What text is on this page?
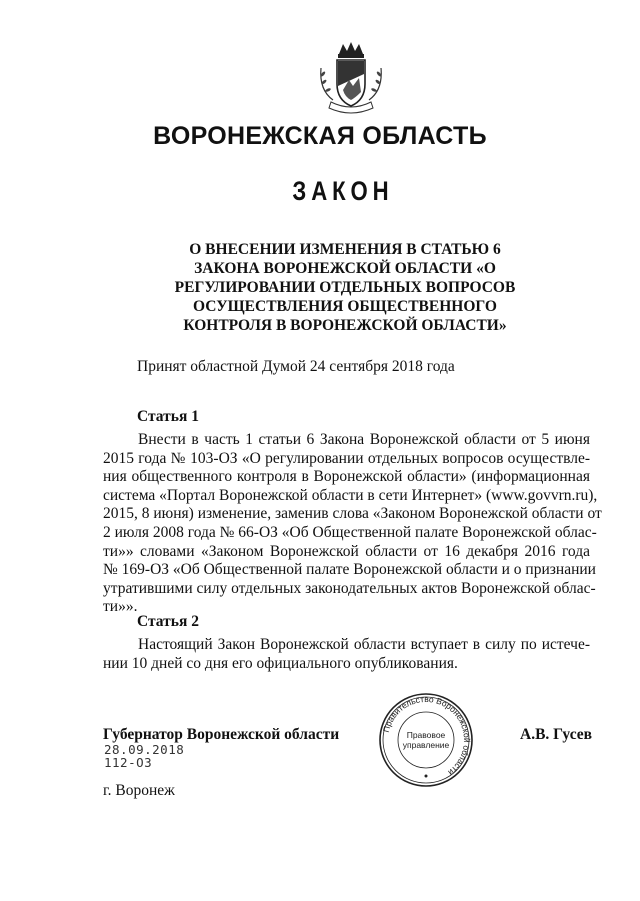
ВОРОНЕЖСКАЯ ОБЛАСТЬ
ЗАКОН
О ВНЕСЕНИИ ИЗМЕНЕНИЯ В СТАТЬЮ 6
ЗАКОНА ВОРОНЕЖСКОЙ ОБЛАСТИ «О
РЕГУЛИРОВАНИИ ОТДЕЛЬНЫХ ВОПРОСОВ
ОСУЩЕСТВЛЕНИЯ ОБЩЕСТВЕННОГО
КОНТРОЛЯ В ВОРОНЕЖСКОЙ ОБЛАСТИ»
Принят областной Думой 24 сентября 2018 года
Статья 1
Внести в часть 1 статьи 6 Закона Воронежской области от 5 июня
2015 года № 103-ОЗ «О регулировании отдельных вопросов осуществле-
ния общественного контроля в Воронежской области» (информационная
система «Портал Воронежской области в сети Интернет» (www.govvrn.ru),
2015, 8 июня) изменение, заменив слова «Законом Воронежской области от
2 июля 2008 года № 66-ОЗ «Об Общественной палате Воронежской облас-
ти»» словами «Законом Воронежской области от 16 декабря 2016 года
№ 169-ОЗ «Об Общественной палате Воронежской области и о признании
утратившими силу отдельных законодательных актов Воронежской облас-
ти»».
Статья 2
Настоящий Закон Воронежской области вступает в силу по истече-
нии 10 дней со дня его официального опубликования.
Губернатор Воронежской области	А.В. Гусев
28.09.2018
112-ОЗ
г. Воронеж
Правительство Воронежской области
Правовое
управление
